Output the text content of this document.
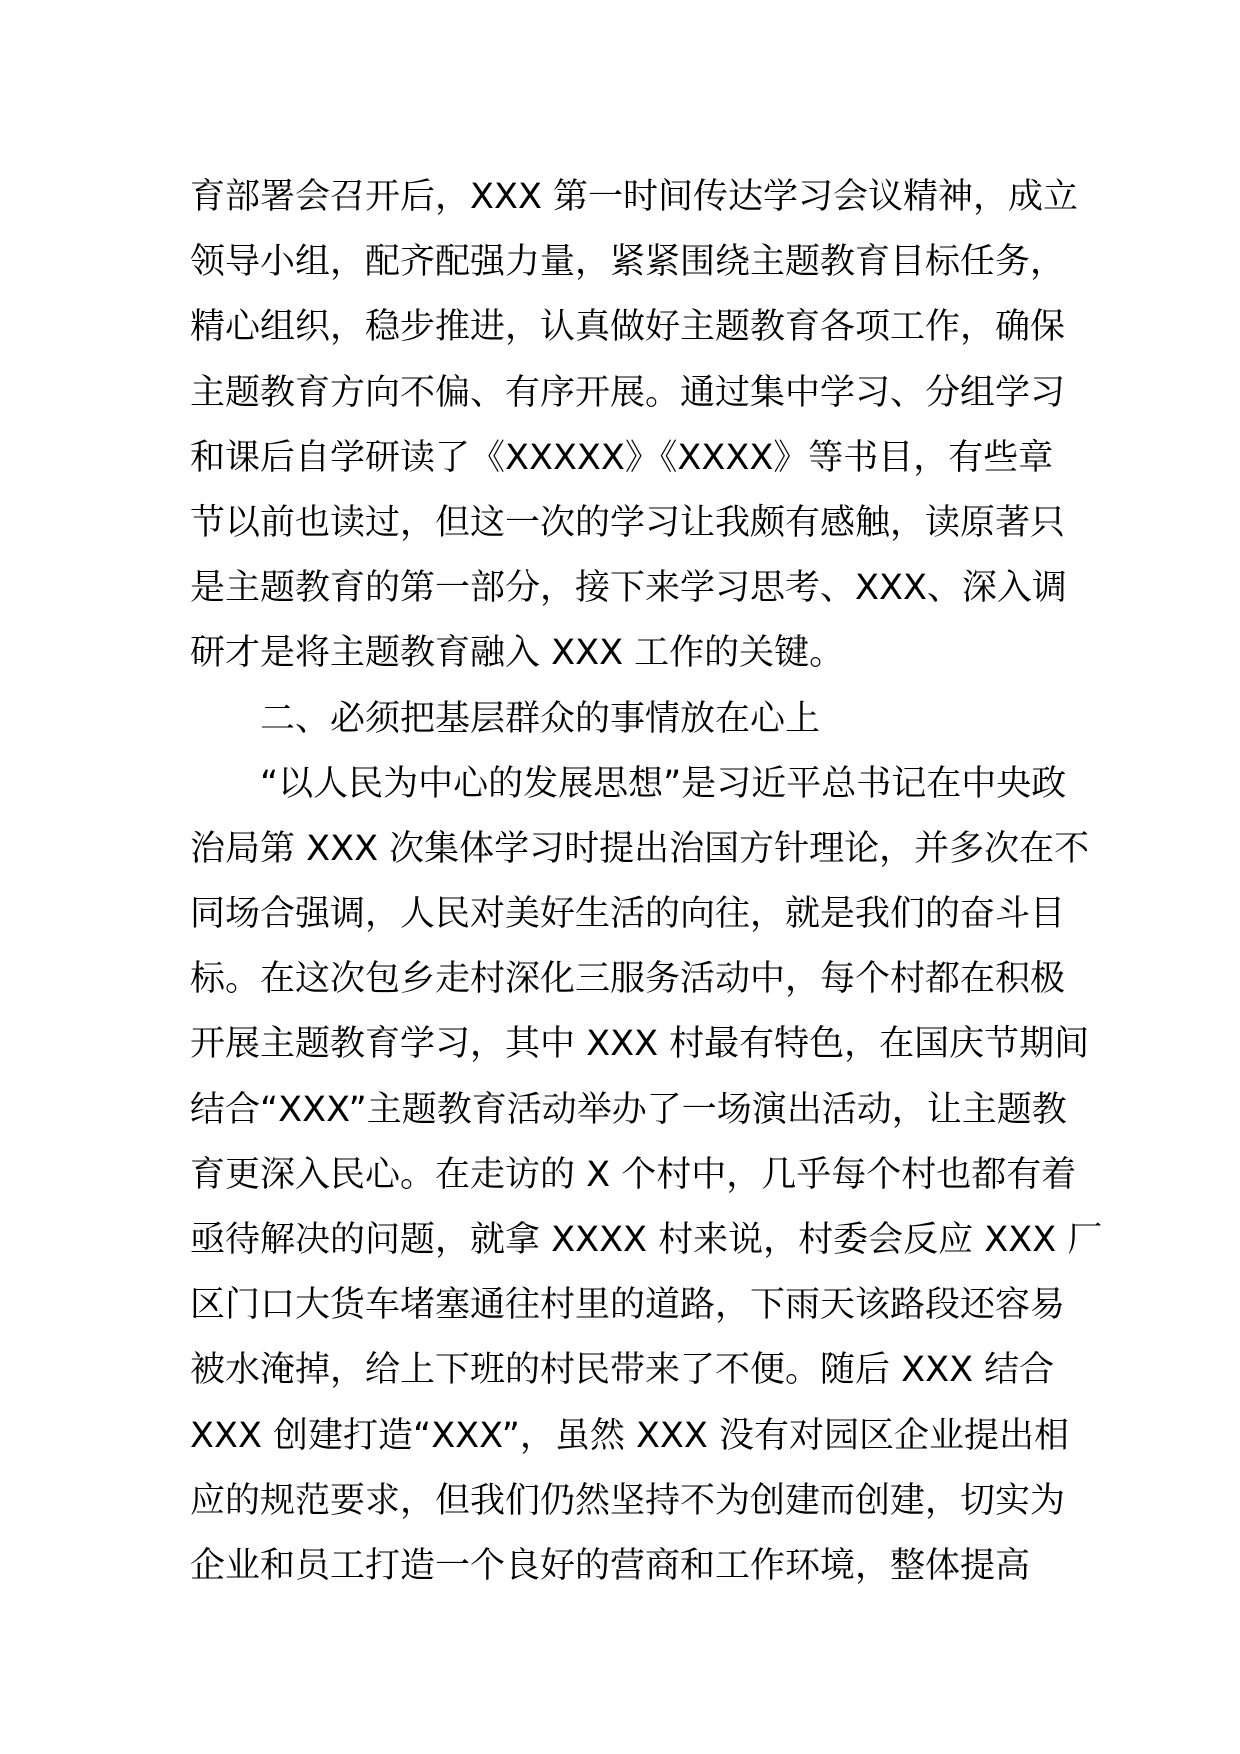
育部署会召开后，XXX 第一时间传达学习会议精神，成立
领导小组，配齐配强力量，紧紧围绕主题教育目标任务，
精心组织，稳步推进，认真做好主题教育各项工作，确保
主题教育方向不偏、有序开展。通过集中学习、分组学习
和课后自学研读了《XXXXX》《XXXX》等书目，有些章
节以前也读过，但这一次的学习让我颇有感触，读原著只
是主题教育的第一部分，接下来学习思考、XXX、深入调
研才是将主题教育融入 XXX 工作的关键。
二、必须把基层群众的事情放在心上
“以人民为中心的发展思想”是习近平总书记在中央政
治局第 XXX 次集体学习时提出治国方针理论，并多次在不
同场合强调，人民对美好生活的向往，就是我们的奋斗目
标。在这次包乡走村深化三服务活动中，每个村都在积极
开展主题教育学习，其中 XXX 村最有特色，在国庆节期间
结合“XXX”主题教育活动举办了一场演出活动，让主题教
育更深入民心。在走访的 X 个村中，几乎每个村也都有着
亟待解决的问题，就拿 XXXX 村来说，村委会反应 XXX 厂
区门口大货车堵塞通往村里的道路，下雨天该路段还容易
被水淹掉，给上下班的村民带来了不便。随后 XXX 结合
XXX 创建打造“XXX”，虽然 XXX 没有对园区企业提出相
应的规范要求，但我们仍然坚持不为创建而创建，切实为
企业和员工打造一个良好的营商和工作环境，整体提高
